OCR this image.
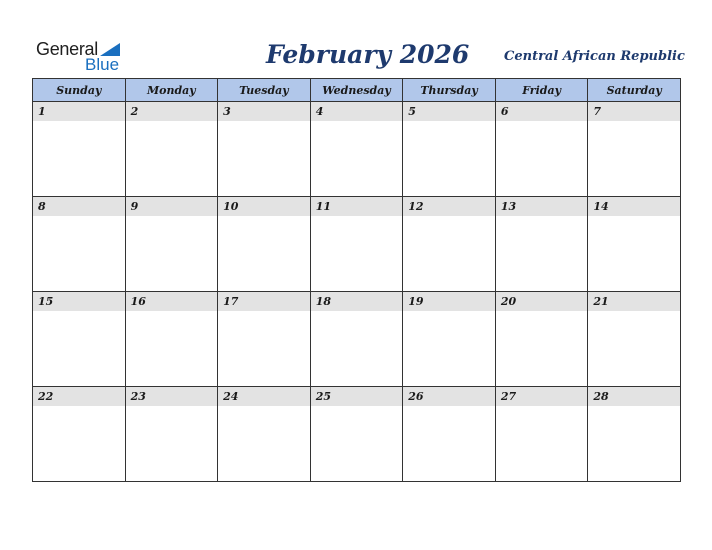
General
Blue	February 2026	Central African Republic
Sunday	Monday	Tuesday	Wednesday	Thursday	Friday	Saturday

1	2	3	4	5	6	7

8	9	10	11	12	13	14

15	16	17	18	19	20	21

22	23	24	25	26	27	28
